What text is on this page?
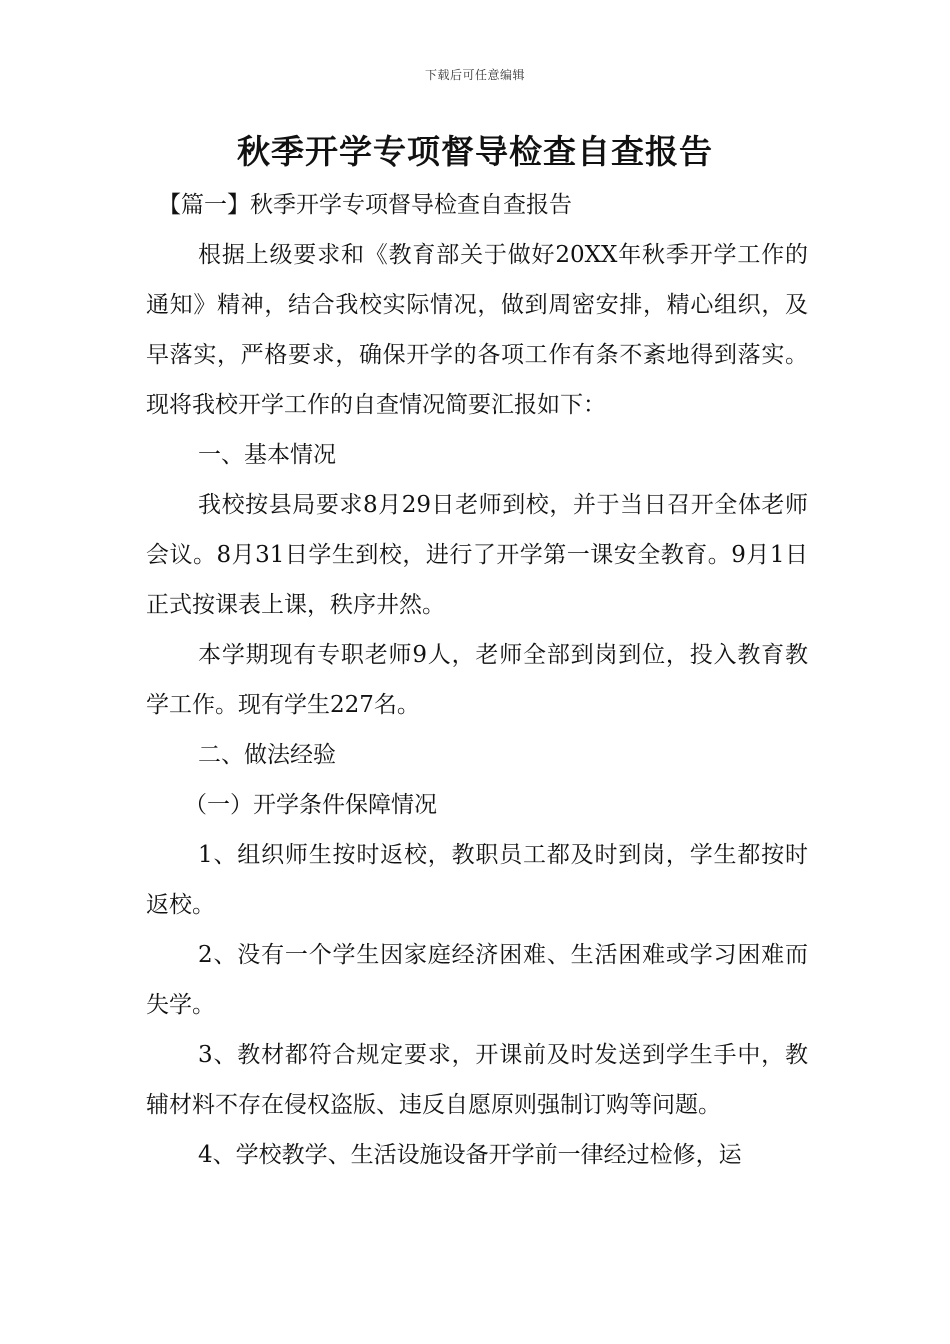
下载后可任意编辑
秋季开学专项督导检查自查报告

【篇一】秋季开学专项督导检查自查报告

根据上级要求和《教育部关于做好20XX年秋季开学工作的通知》精神，结合我校实际情况，做到周密安排，精心组织，及早落实，严格要求，确保开学的各项工作有条不紊地得到落实。现将我校开学工作的自查情况简要汇报如下：

一、基本情况

我校按县局要求8月29日老师到校，并于当日召开全体老师会议。8月31日学生到校，进行了开学第一课安全教育。9月1日正式按课表上课，秩序井然。

本学期现有专职老师9人，老师全部到岗到位，投入教育教学工作。现有学生227名。

二、做法经验

（一）开学条件保障情况

1、组织师生按时返校，教职员工都及时到岗，学生都按时返校。

2、没有一个学生因家庭经济困难、生活困难或学习困难而失学。

3、教材都符合规定要求，开课前及时发送到学生手中，教辅材料不存在侵权盗版、违反自愿原则强制订购等问题。

4、学校教学、生活设施设备开学前一律经过检修，运
